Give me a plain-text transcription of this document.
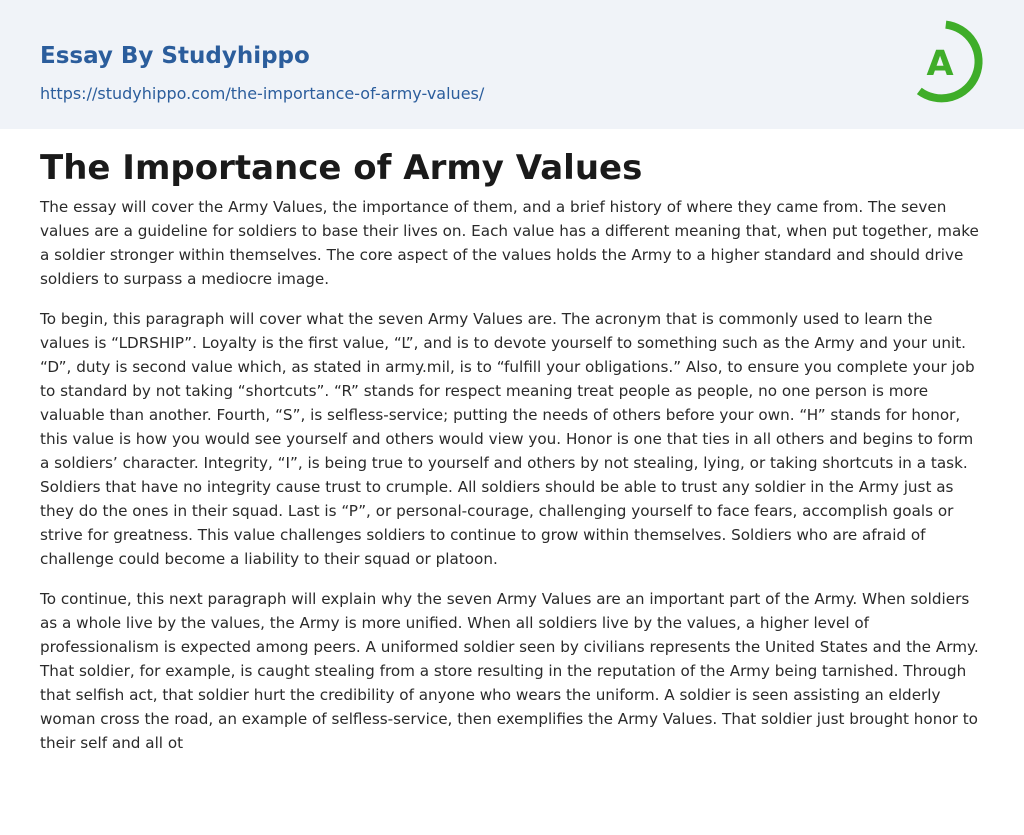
Essay By Studyhippo
https://studyhippo.com/the-importance-of-army-values/
A
The Importance of Army Values

The essay will cover the Army Values, the importance of them, and a brief history of where they came from. The seven values are a guideline for soldiers to base their lives on. Each value has a different meaning that, when put together, make a soldier stronger within themselves. The core aspect of the values holds the Army to a higher standard and should drive soldiers to surpass a mediocre image.

To begin, this paragraph will cover what the seven Army Values are. The acronym that is commonly used to learn the values is “LDRSHIP”. Loyalty is the first value, “L”, and is to devote yourself to something such as the Army and your unit. “D”, duty is second value which, as stated in army.mil, is to “fulfill your obligations.” Also, to ensure you complete your job to standard by not taking “shortcuts”. “R” stands for respect meaning treat people as people, no one person is more valuable than another. Fourth, “S”, is selfless-service; putting the needs of others before your own. “H” stands for honor, this value is how you would see yourself and others would view you. Honor is one that ties in all others and begins to form a soldiers’ character. Integrity, “I”, is being true to yourself and others by not stealing, lying, or taking shortcuts in a task. Soldiers that have no integrity cause trust to crumple. All soldiers should be able to trust any soldier in the Army just as they do the ones in their squad. Last is “P”, or personal-courage, challenging yourself to face fears, accomplish goals or strive for greatness. This value challenges soldiers to continue to grow within themselves. Soldiers who are afraid of challenge could become a liability to their squad or platoon.

To continue, this next paragraph will explain why the seven Army Values are an important part of the Army. When soldiers as a whole live by the values, the Army is more unified. When all soldiers live by the values, a higher level of professionalism is expected among peers. A uniformed soldier seen by civilians represents the United States and the Army. That soldier, for example, is caught stealing from a store resulting in the reputation of the Army being tarnished. Through that selfish act, that soldier hurt the credibility of anyone who wears the uniform. A soldier is seen assisting an elderly woman cross the road, an example of selfless-service, then exemplifies the Army Values. That soldier just brought honor to their self and all ot
